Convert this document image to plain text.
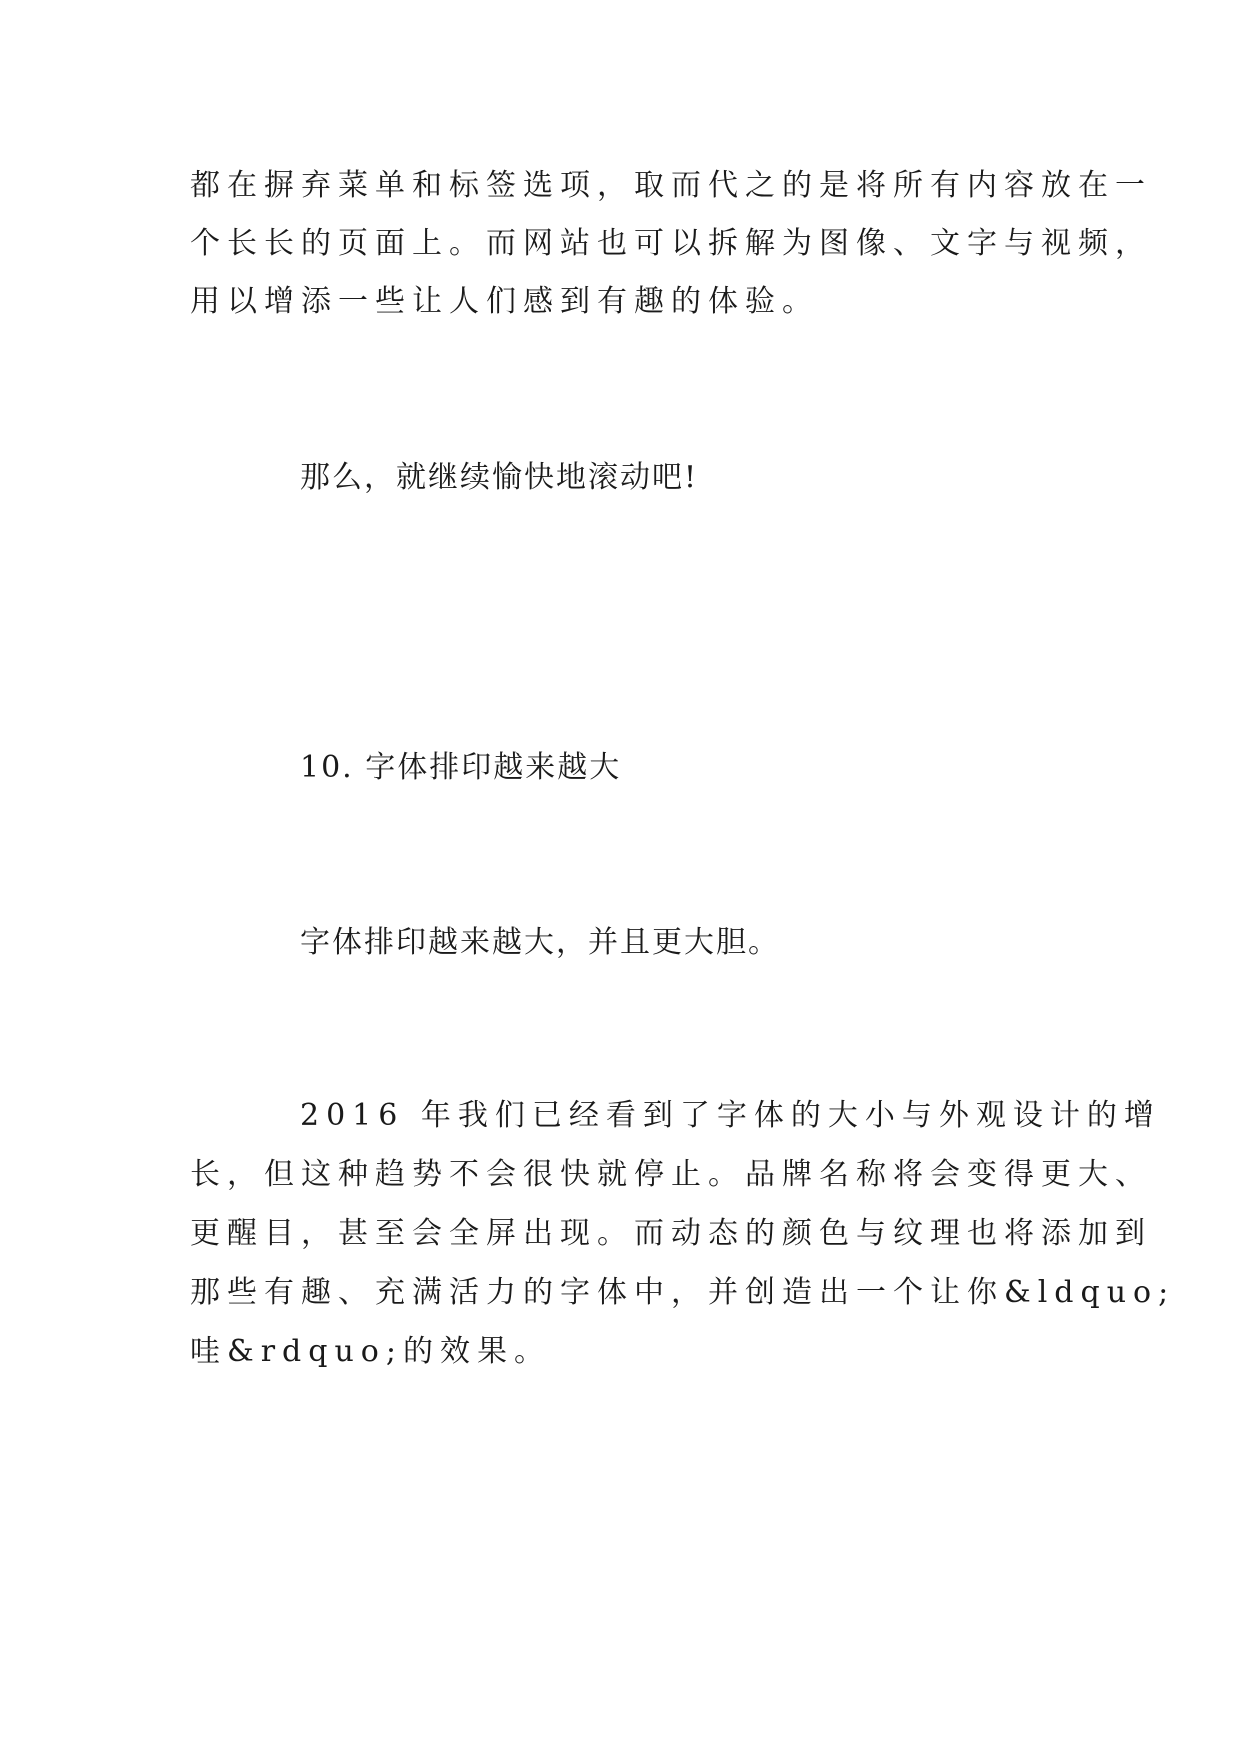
都在摒弃菜单和标签选项，取而代之的是将所有内容放在一
个长长的页面上。而网站也可以拆解为图像、文字与视频，
用以增添一些让人们感到有趣的体验。
那么，就继续愉快地滚动吧!
10. 字体排印越来越大
字体排印越来越大，并且更大胆。
2016 年我们已经看到了字体的大小与外观设计的增
长，但这种趋势不会很快就停止。品牌名称将会变得更大、
更醒目，甚至会全屏出现。而动态的颜色与纹理也将添加到
那些有趣、充满活力的字体中，并创造出一个让你&ldquo;
哇&rdquo;的效果。
